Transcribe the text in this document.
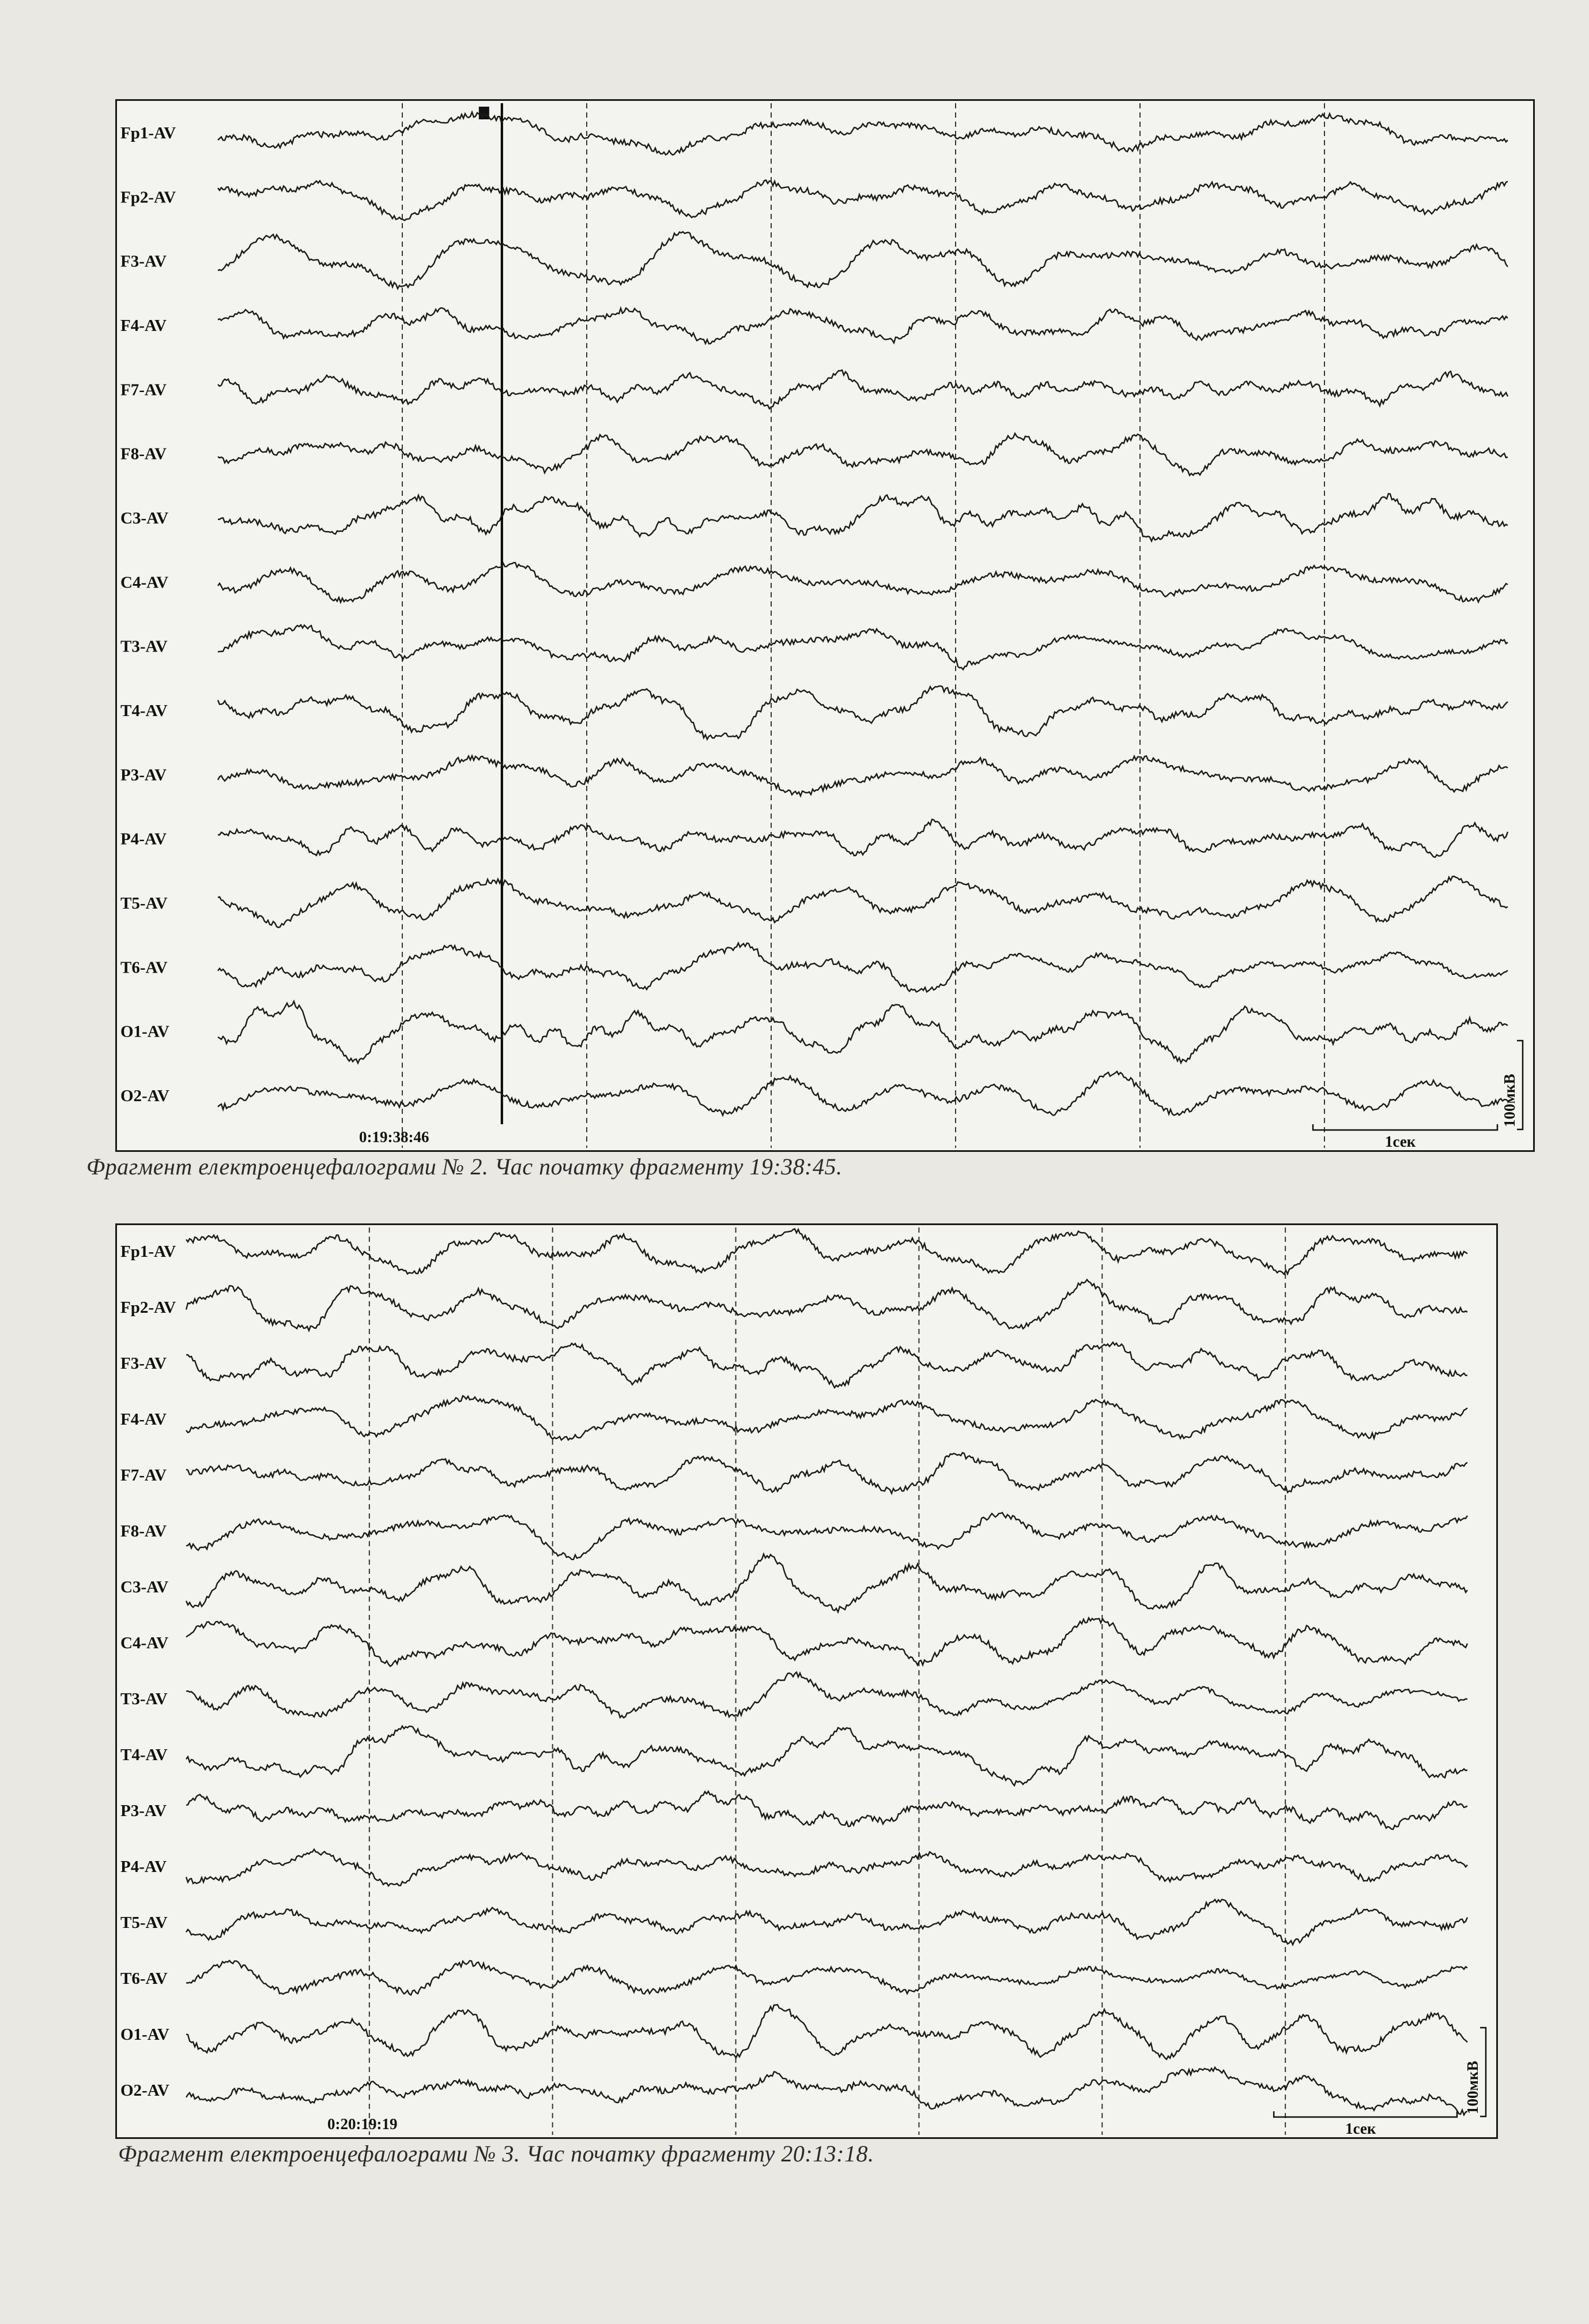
Fp1-AV
Fp2-AV
F3-AV
F4-AV
F7-AV
F8-AV
C3-AV
C4-AV
T3-AV
T4-AV
P3-AV
P4-AV
T5-AV
T6-AV
O1-AV
O2-AV
0:19:38:46	1сек
100мкВ
Фрагмент електроенцефалограми № 2. Час початку фрагменту 19:38:45.
Fp1-AV
Fp2-AV
F3-AV
F4-AV
F7-AV
F8-AV
C3-AV
C4-AV
T3-AV
T4-AV
P3-AV
P4-AV
T5-AV
T6-AV
O1-AV
O2-AV
0:20:19:19	1сек
100мкВ
Фрагмент електроенцефалограми № 3. Час початку фрагменту 20:13:18.
